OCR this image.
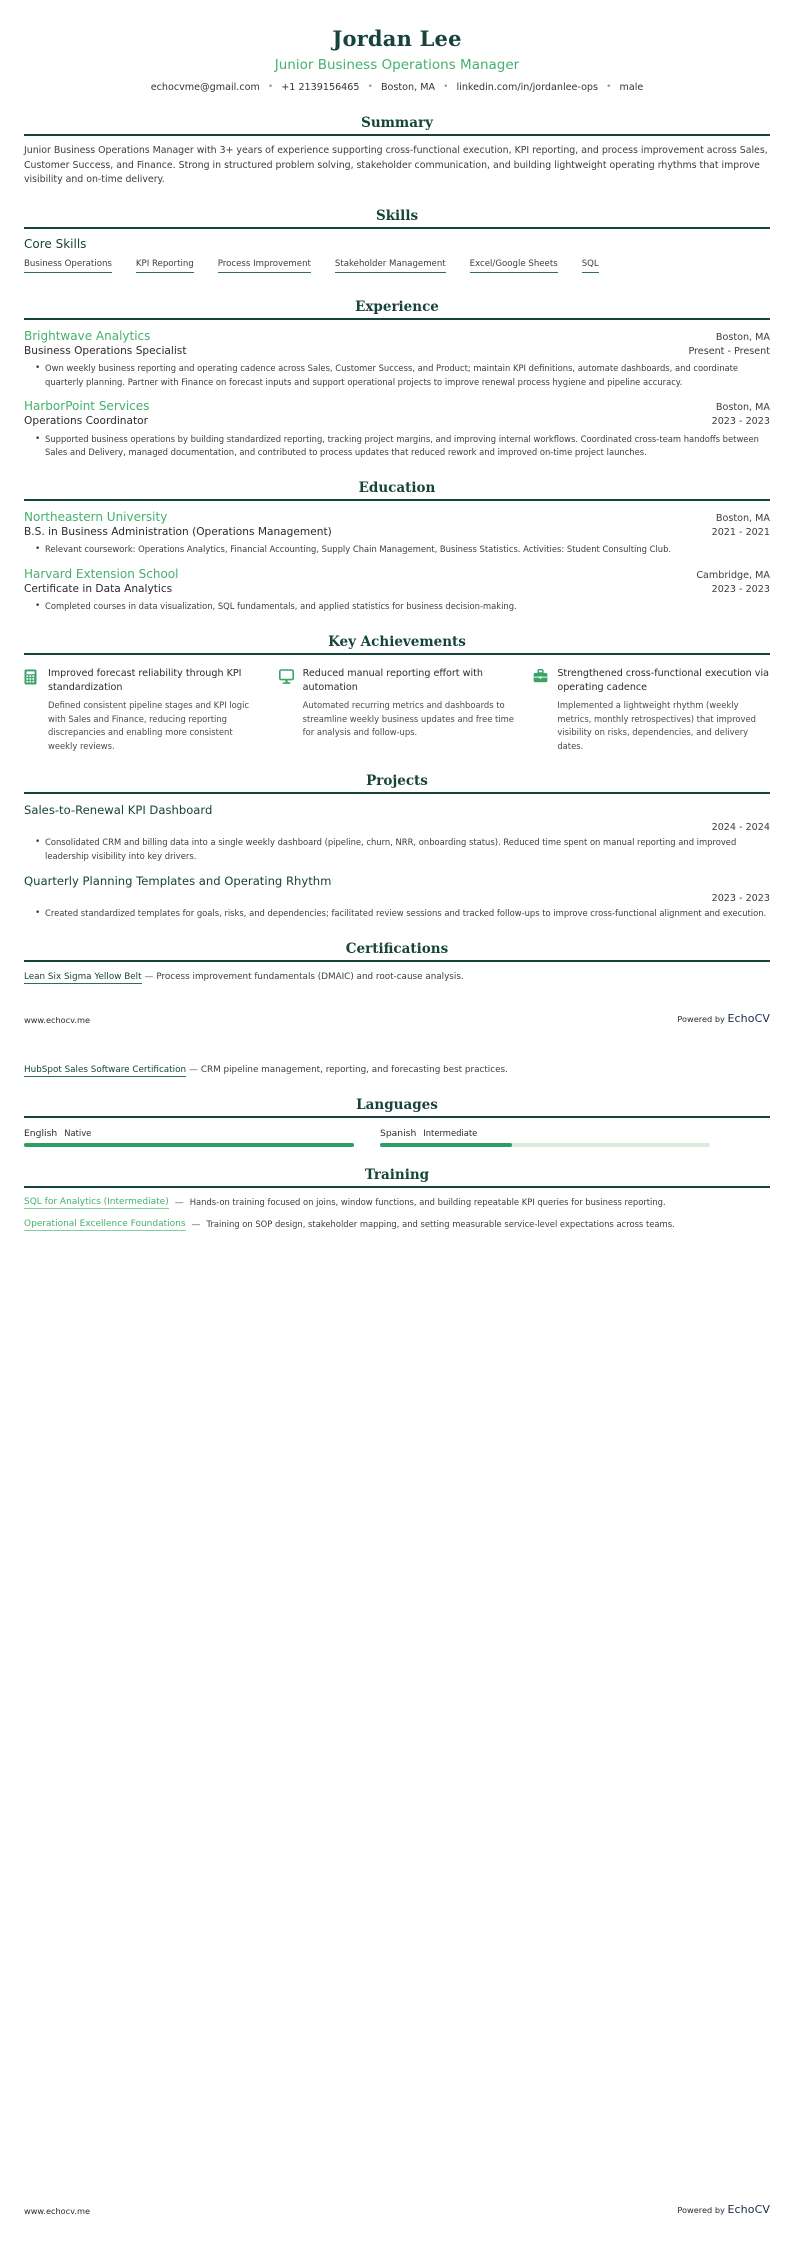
Jordan Lee
Junior Business Operations Manager
echocvme@gmail.com • +1 2139156465 • Boston, MA • linkedin.com/in/jordanlee-ops • male
Summary
Junior Business Operations Manager with 3+ years of experience supporting cross-functional execution, KPI reporting, and process improvement across Sales, Customer Success, and Finance. Strong in structured problem solving, stakeholder communication, and building lightweight operating rhythms that improve visibility and on-time delivery.
Skills
Core Skills
Business Operations	KPI Reporting	Process Improvement	Stakeholder Management	Excel/Google Sheets	SQL
Experience
Brightwave Analytics	Boston, MA
Business Operations Specialist	Present - Present
• Own weekly business reporting and operating cadence across Sales, Customer Success, and Product; maintain KPI definitions, automate dashboards, and coordinate quarterly planning. Partner with Finance on forecast inputs and support operational projects to improve renewal process hygiene and pipeline accuracy.
HarborPoint Services	Boston, MA
Operations Coordinator	2023 - 2023
• Supported business operations by building standardized reporting, tracking project margins, and improving internal workflows. Coordinated cross-team handoffs between Sales and Delivery, managed documentation, and contributed to process updates that reduced rework and improved on-time project launches.
Education
Northeastern University	Boston, MA
B.S. in Business Administration (Operations Management)	2021 - 2021
• Relevant coursework: Operations Analytics, Financial Accounting, Supply Chain Management, Business Statistics. Activities: Student Consulting Club.
Harvard Extension School	Cambridge, MA
Certificate in Data Analytics	2023 - 2023
• Completed courses in data visualization, SQL fundamentals, and applied statistics for business decision-making.
Key Achievements
Improved forecast reliability through KPI standardization
Defined consistent pipeline stages and KPI logic with Sales and Finance, reducing reporting discrepancies and enabling more consistent weekly reviews.
Reduced manual reporting effort with automation
Automated recurring metrics and dashboards to streamline weekly business updates and free time for analysis and follow-ups.
Strengthened cross-functional execution via operating cadence
Implemented a lightweight rhythm (weekly metrics, monthly retrospectives) that improved visibility on risks, dependencies, and delivery dates.
Projects
Sales-to-Renewal KPI Dashboard
2024 - 2024
• Consolidated CRM and billing data into a single weekly dashboard (pipeline, churn, NRR, onboarding status). Reduced time spent on manual reporting and improved leadership visibility into key drivers.
Quarterly Planning Templates and Operating Rhythm
2023 - 2023
• Created standardized templates for goals, risks, and dependencies; facilitated review sessions and tracked follow-ups to improve cross-functional alignment and execution.
Certifications
Lean Six Sigma Yellow Belt — Process improvement fundamentals (DMAIC) and root-cause analysis.
www.echocv.me	Powered by EchoCV
HubSpot Sales Software Certification — CRM pipeline management, reporting, and forecasting best practices.
Languages
English Native	Spanish Intermediate
Training
SQL for Analytics (Intermediate) — Hands-on training focused on joins, window functions, and building repeatable KPI queries for business reporting.
Operational Excellence Foundations — Training on SOP design, stakeholder mapping, and setting measurable service-level expectations across teams.
www.echocv.me	Powered by EchoCV
